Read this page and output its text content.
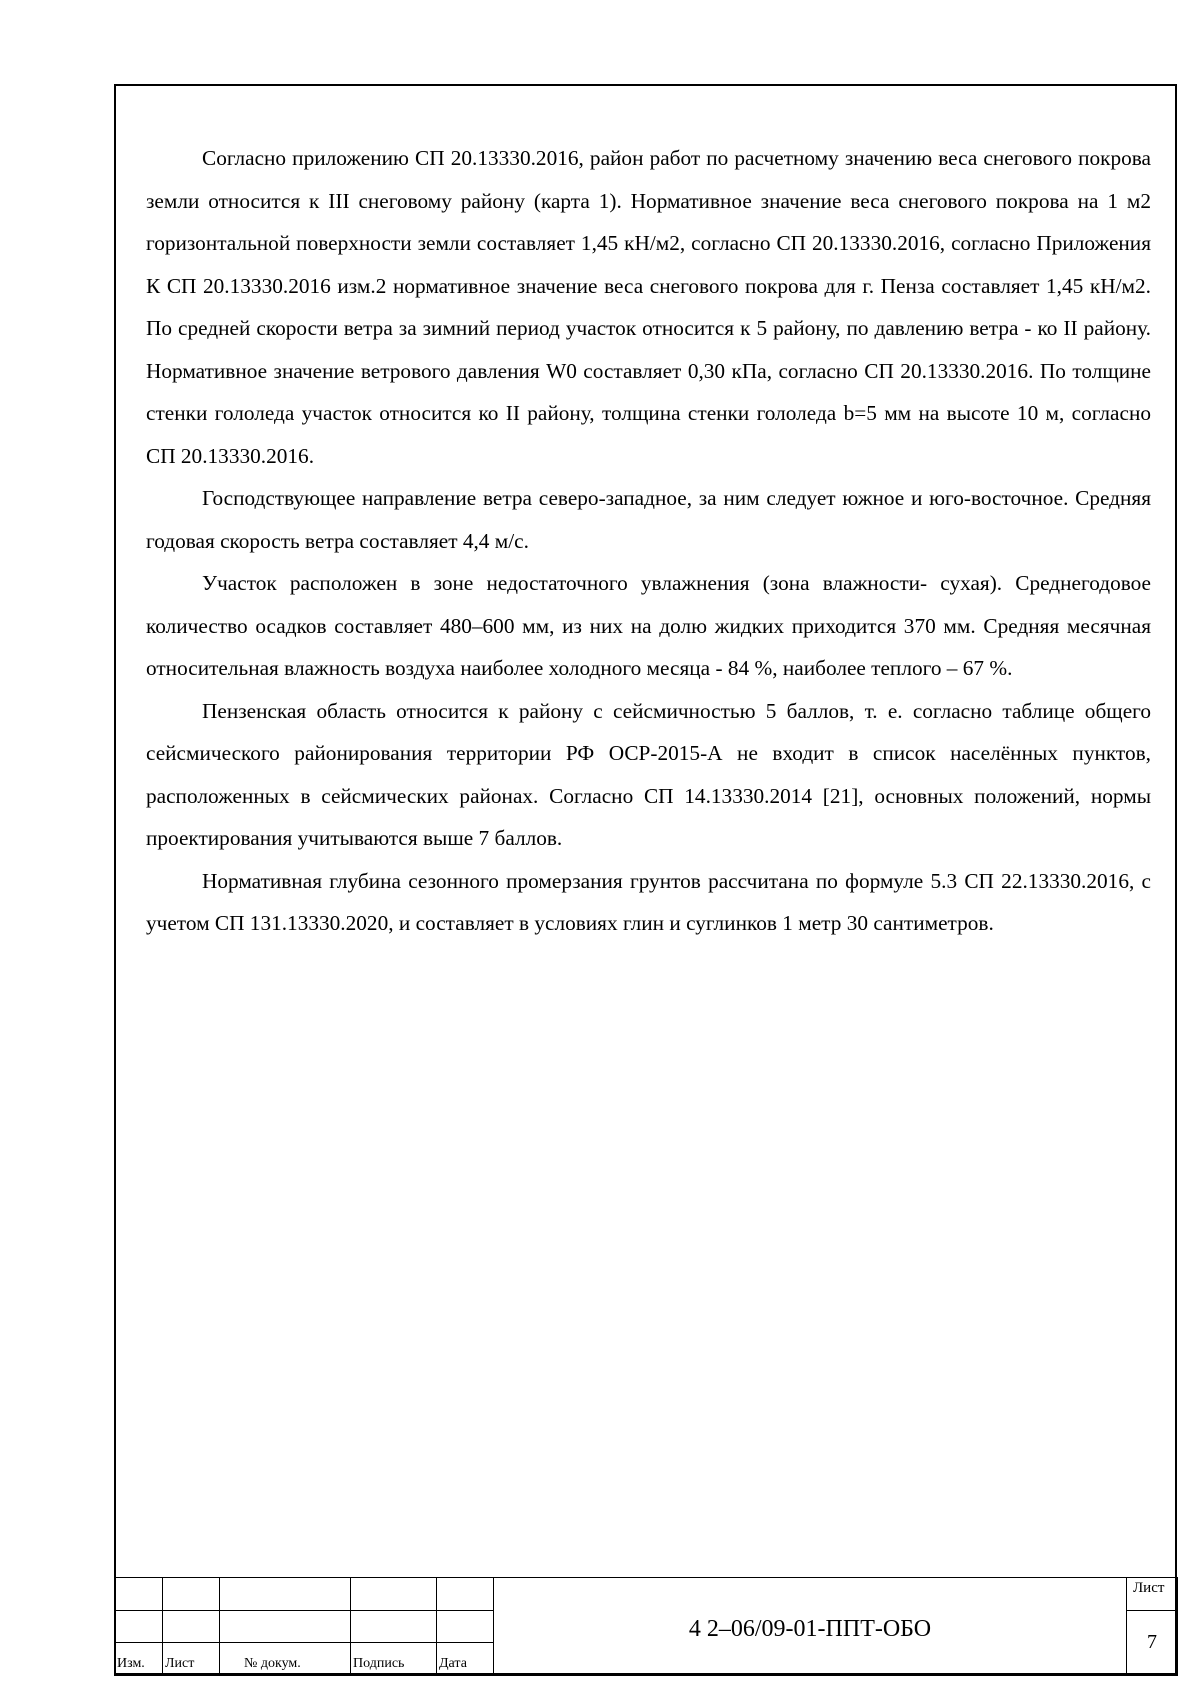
Согласно приложению СП 20.13330.2016, район работ по расчетному значению веса снегового покрова земли относится к III снеговому району (карта 1). Нормативное значение веса снегового покрова на 1 м2 горизонтальной поверхности земли составляет 1,45 кН/м2, согласно СП 20.13330.2016, согласно Приложения К СП 20.13330.2016 изм.2 нормативное значение веса снегового покрова для г. Пенза составляет 1,45 кН/м2. По средней скорости ветра за зимний период участок относится к 5 району, по давлению ветра - ко II району. Нормативное значение ветрового давления W0 составляет 0,30 кПа, согласно СП 20.13330.2016. По толщине стенки гололеда участок относится ко II району, толщина стенки гололеда b=5 мм на высоте 10 м, согласно СП 20.13330.2016.

Господствующее направление ветра северо-западное, за ним следует южное и юго-восточное. Средняя годовая скорость ветра составляет 4,4 м/с.

Участок расположен в зоне недостаточного увлажнения (зона влажности- сухая). Среднегодовое количество осадков составляет 480–600 мм, из них на долю жидких приходится 370 мм. Средняя месячная относительная влажность воздуха наиболее холодного месяца - 84 %, наиболее теплого – 67 %.

Пензенская область относится к району с сейсмичностью 5 баллов, т. е. согласно таблице общего сейсмического районирования территории РФ ОСР-2015-А не входит в список населённых пунктов, расположенных в сейсмических районах. Согласно СП 14.13330.2014 [21], основных положений, нормы проектирования учитываются выше 7 баллов.

Нормативная глубина сезонного промерзания грунтов рассчитана по формуле 5.3 СП 22.13330.2016, с учетом СП 131.13330.2020, и составляет в условиях глин и суглинков 1 метр 30 сантиметров.

					4 2–06/09-01-ППТ-ОБО	Лист
						7
Изм.	Лист	№ докум.	Подпись	Дата		
